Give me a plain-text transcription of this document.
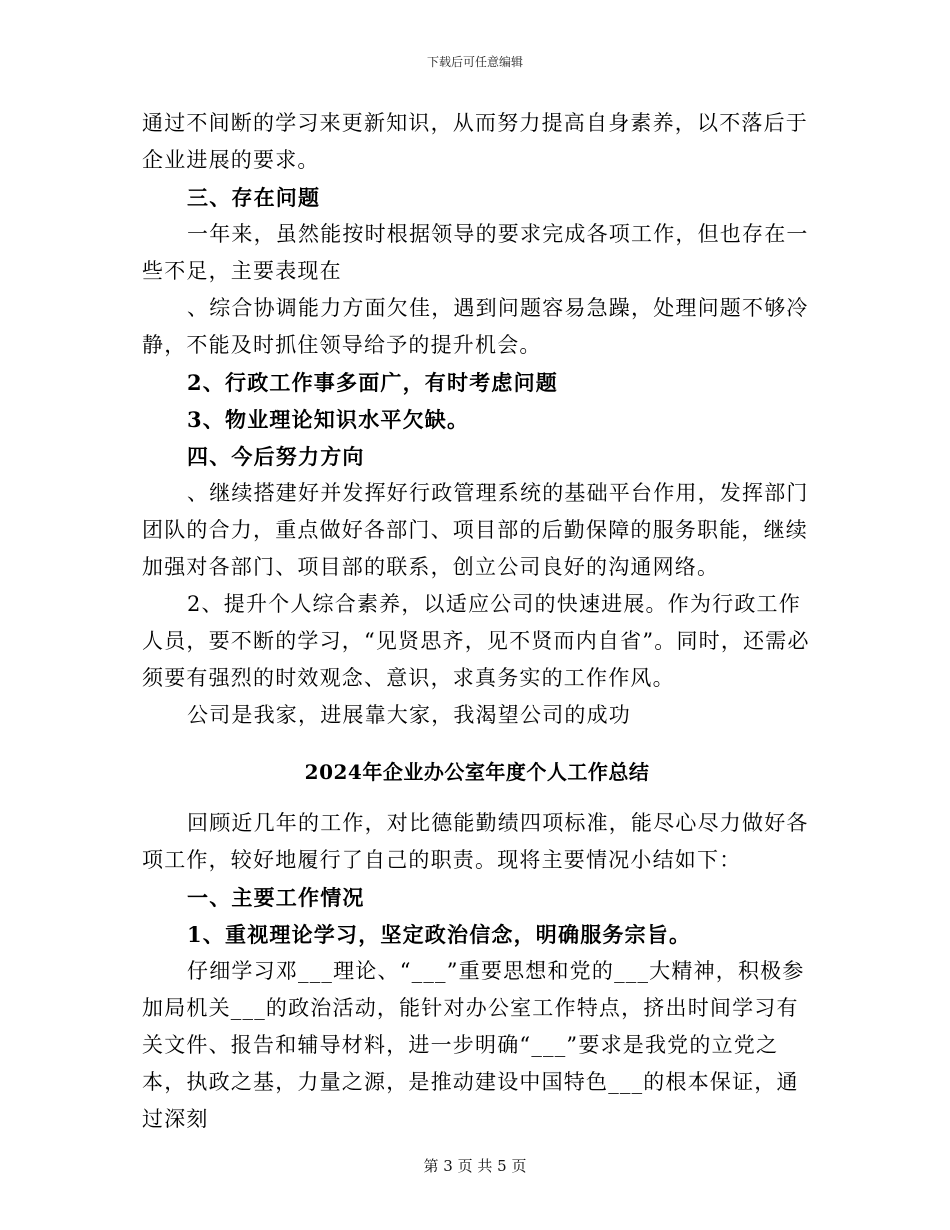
下载后可任意编辑

通过不间断的学习来更新知识，从而努力提高自身素养，以不落后于企业进展的要求。

三、存在问题

一年来，虽然能按时根据领导的要求完成各项工作，但也存在一些不足，主要表现在

、综合协调能力方面欠佳，遇到问题容易急躁，处理问题不够冷静，不能及时抓住领导给予的提升机会。

2、行政工作事多面广，有时考虑问题

3、物业理论知识水平欠缺。

四、今后努力方向

、继续搭建好并发挥好行政管理系统的基础平台作用，发挥部门团队的合力，重点做好各部门、项目部的后勤保障的服务职能，继续加强对各部门、项目部的联系，创立公司良好的沟通网络。

2、提升个人综合素养，以适应公司的快速进展。作为行政工作人员，要不断的学习，“见贤思齐，见不贤而内自省”。同时，还需必须要有强烈的时效观念、意识，求真务实的工作作风。

公司是我家，进展靠大家，我渴望公司的成功

2024年企业办公室年度个人工作总结

回顾近几年的工作，对比德能勤绩四项标准，能尽心尽力做好各项工作，较好地履行了自己的职责。现将主要情况小结如下：

一、主要工作情况

1、重视理论学习，坚定政治信念，明确服务宗旨。

仔细学习邓___理论、“___”重要思想和党的___大精神，积极参加局机关___的政治活动，能针对办公室工作特点，挤出时间学习有关文件、报告和辅导材料，进一步明确“___”要求是我党的立党之本，执政之基，力量之源，是推动建设中国特色___的根本保证，通过深刻

第 3 页 共 5 页
